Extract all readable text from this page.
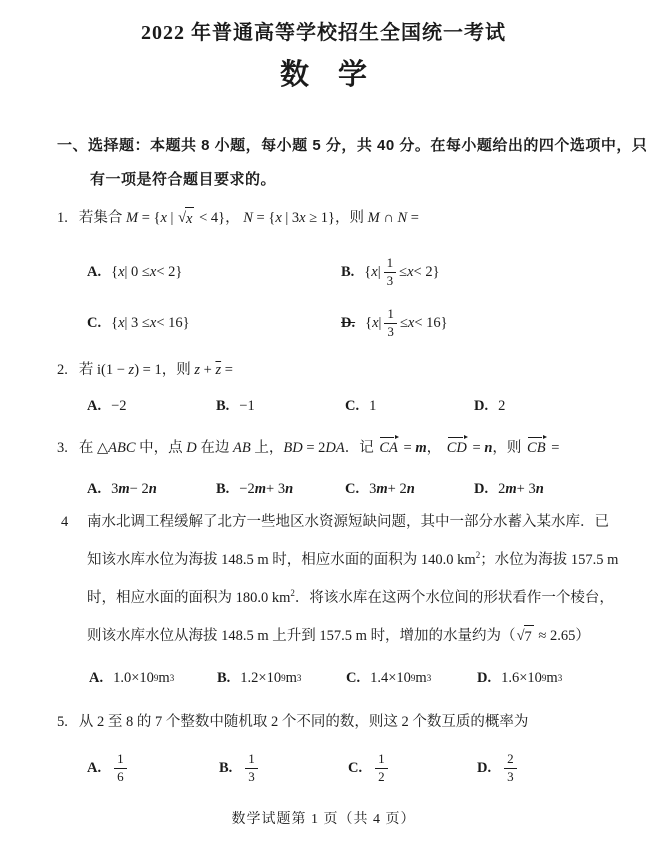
2022 年普通高等学校招生全国统一考试
数　学
一、选择题：本题共 8 小题，每小题 5 分，共 40 分。在每小题给出的四个选项中，只
有一项是符合题目要求的。
1. 若集合 M = {x | √ x < 4}， N = {x | 3x ≥ 1}，则 M ∩ N =
A. { x | 0 ≤ x < 2}	B. { x | $\frac{1}{3} \le x < 2$}
C. { x | 3 ≤ x < 16}	D. { x | $\frac{1}{3} \le x < 16$}
2. 若 i(1 − z) = 1，则 $z + \overline{z}$ =
A. −2	B. −1	C. 1	D. 2
3. 在 △ABC 中，点 D 在边 AB 上，BD = 2DA．记 CA = m， CD = n，则 CB =
A. 3 m − 2 n	B. −2 m + 3 n	C. 3 m + 2 n	D. 2 m + 3 n
4 南水北调工程缓解了北方一些地区水资源短缺问题，其中一部分水蓄入某水库．已
知该水库水位为海拔 148.5 m 时，相应水面的面积为 140.0 $km^2$；水位为海拔 157.5 m
时，相应水面的面积为 180.0 $km^2$．将该水库在这两个水位间的形状看作一个棱台，
则该水库水位从海拔 148.5 m 上升到 157.5 m 时，增加的水量约为（ √ 7 ≈ 2.65）
A. 1.0×10 9 m 3	B. 1.2×10 9 m 3	C. 1.4×10 9 m 3	D. 1.6×10 9 m 3
5. 从 2 至 8 的 7 个整数中随机取 2 个不同的数，则这 2 个数互质的概率为
A. $\frac{1}{6}$	B. $\frac{1}{3}$	C. $\frac{1}{2}$	D. $\frac{2}{3}$
数学试题第 1 页（共 4 页）
